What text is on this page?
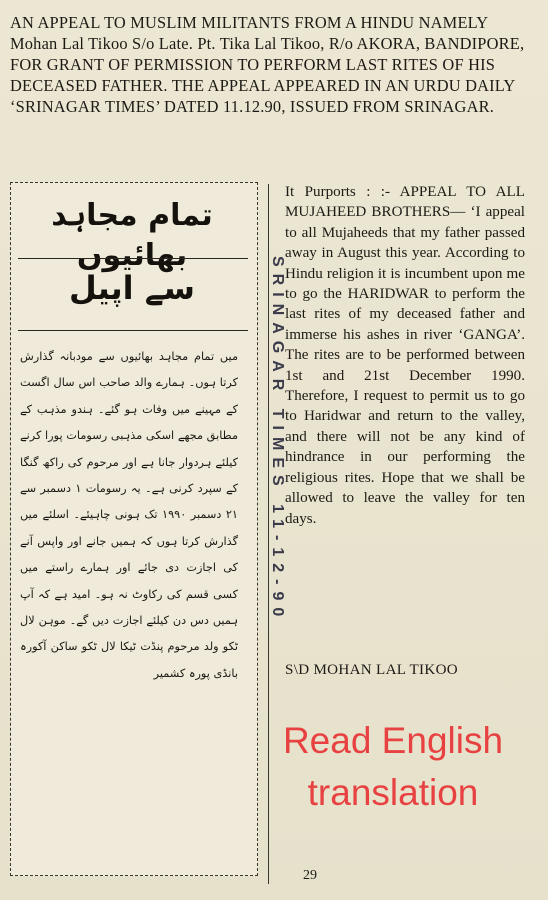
AN APPEAL TO MUSLIM MILITANTS FROM A HINDU NAMELY Mohan Lal Tikoo S/o Late. Pt. Tika Lal Tikoo, R/o AKORA, BANDIPORE, FOR GRANT OF PERMISSION TO PERFORM LAST RITES OF HIS DECEASED FATHER. THE APPEAL APPEARED IN AN URDU DAILY ‘SRINAGAR TIMES’ DATED 11.12.90, ISSUED FROM SRINAGAR.

تمام مجاہد بھائیوں
سے اپیل

میں تمام مجاہد بھائیوں سے مودبانہ گذارش کرتا ہوں۔ ہمارے والد صاحب اس سال اگست کے مہینے میں وفات ہو گئے۔ ہندو مذہب کے مطابق مجھے اسکی مذہبی رسومات پورا کرنے کیلئے ہردوار جانا ہے اور مرحوم کی راکھ گنگا کے سپرد کرنی ہے۔ یہ رسومات ۱ دسمبر سے ۲۱ دسمبر ۱۹۹۰ تک ہونی چاہیئے۔ اسلئے میں گذارش کرتا ہوں کہ ہمیں جانے اور واپس آنے کی اجازت دی جائے اور ہمارے راستے میں کسی قسم کی رکاوٹ نہ ہو۔ امید ہے کہ آپ ہمیں دس دن کیلئے اجازت دیں گے۔ موہن لال ٹکو ولد مرحوم پنڈت ٹیکا لال ٹکو ساکن آکورہ بانڈی پورہ کشمیر

SRINAGAR TIMES 11-12-90

It Purports : :- APPEAL TO ALL MUJAHEED BROTHERS— ‘I appeal to all Mujaheeds that my father passed away in August this year. According to Hindu religion it is incumbent upon me to go the HARIDWAR to perform the last rites of my deceased father and immerse his ashes in river ‘GANGA’. The rites are to be performed between 1st and 21st December 1990. Therefore, I request to permit us to go to Haridwar and return to the valley, and there will not be any kind of hindrance in our performing the religious rites. Hope that we shall be allowed to leave the valley for ten days.

S\D MOHAN LAL TIKOO

Read English
translation
29
